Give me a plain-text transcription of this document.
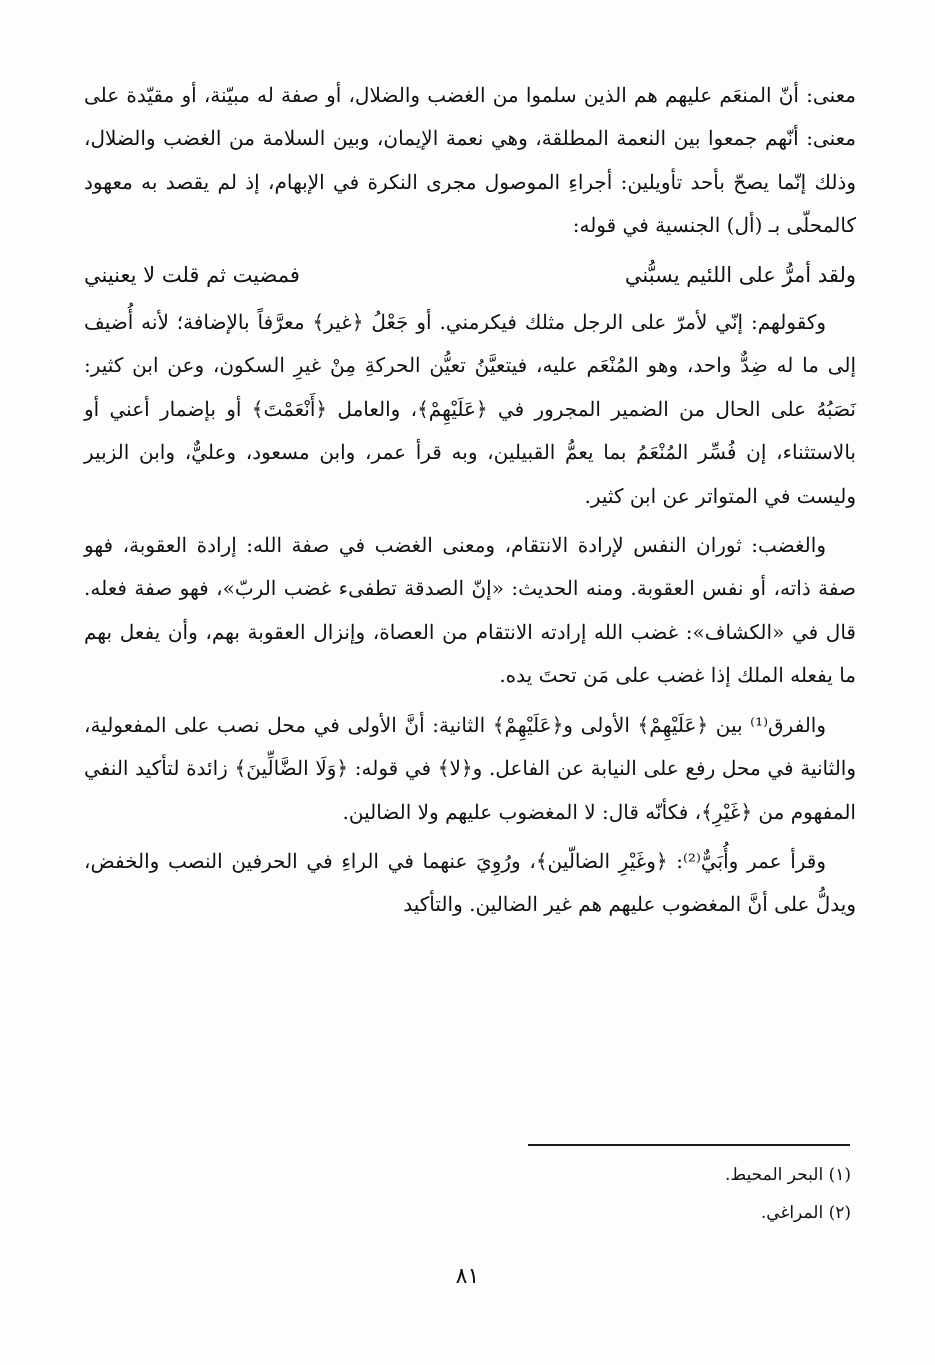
معنى: أنّ المنعَم عليهم هم الذين سلموا من الغضب والضلال، أو صفة له مبيّنة، أو مقيّدة على معنى: أنّهم جمعوا بين النعمة المطلقة، وهي نعمة الإيمان، وبين السلامة من الغضب والضلال، وذلك إنّما يصحّ بأحد تأويلين: أجراءِ الموصول مجرى النكرة في الإبهام، إذ لم يقصد به معهود كالمحلّى بـ (أل) الجنسية في قوله:

ولقد أمرُّ على اللئيم يسبُّني
فمضيت ثم قلت لا يعنيني

وكقولهم: إنّي لأمرّ على الرجل مثلك فيكرمني. أو جَعْلُ ﴿غير﴾ معرَّفاً بالإضافة؛ لأنه أُضيف إلى ما له ضِدٌّ واحد، وهو المُنْعَم عليه، فيتعيَّنُ تعيُّن الحركةِ مِنْ غيرِ السكون، وعن ابن كثير: نَصَبُهُ على الحال من الضمير المجرور في ﴿عَلَيْهِمْ﴾، والعامل ﴿أَنْعَمْتَ﴾ أو بإضمار أعني أو بالاستثناء، إن فُسِّر المُنْعَمُ بما يعمُّ القبيلين، وبه قرأ عمر، وابن مسعود، وعليٌّ، وابن الزبير وليست في المتواتر عن ابن كثير.

والغضب: ثوران النفس لإرادة الانتقام، ومعنى الغضب في صفة الله: إرادة العقوبة، فهو صفة ذاته، أو نفس العقوبة. ومنه الحديث: «إنّ الصدقة تطفىء غضب الربّ»، فهو صفة فعله. قال في «الكشاف»: غضب الله إرادته الانتقام من العصاة، وإنزال العقوبة بهم، وأن يفعل بهم ما يفعله الملك إذا غضب على مَن تحتَ يده.

والفرق⁽¹⁾ بين ﴿عَلَيْهِمْ﴾ الأولى و﴿عَلَيْهِمْ﴾ الثانية: أنَّ الأولى في محل نصب على المفعولية، والثانية في محل رفع على النيابة عن الفاعل. و﴿لا﴾ في قوله: ﴿وَلَا الضَّالِّينَ﴾ زائدة لتأكيد النفي المفهوم من ﴿غَيْرِ﴾، فكأنّه قال: لا المغضوب عليهم ولا الضالين.

وقرأ عمر وأُبَيٌّ⁽²⁾: ﴿وغَيْرِ الضالّين﴾، ورُوِيَ عنهما في الراءِ في الحرفين النصب والخفض، ويدلُّ على أنَّ المغضوب عليهم هم غير الضالين. والتأكيد

(١) البحر المحيط.
(٢) المراغي.
٨١
